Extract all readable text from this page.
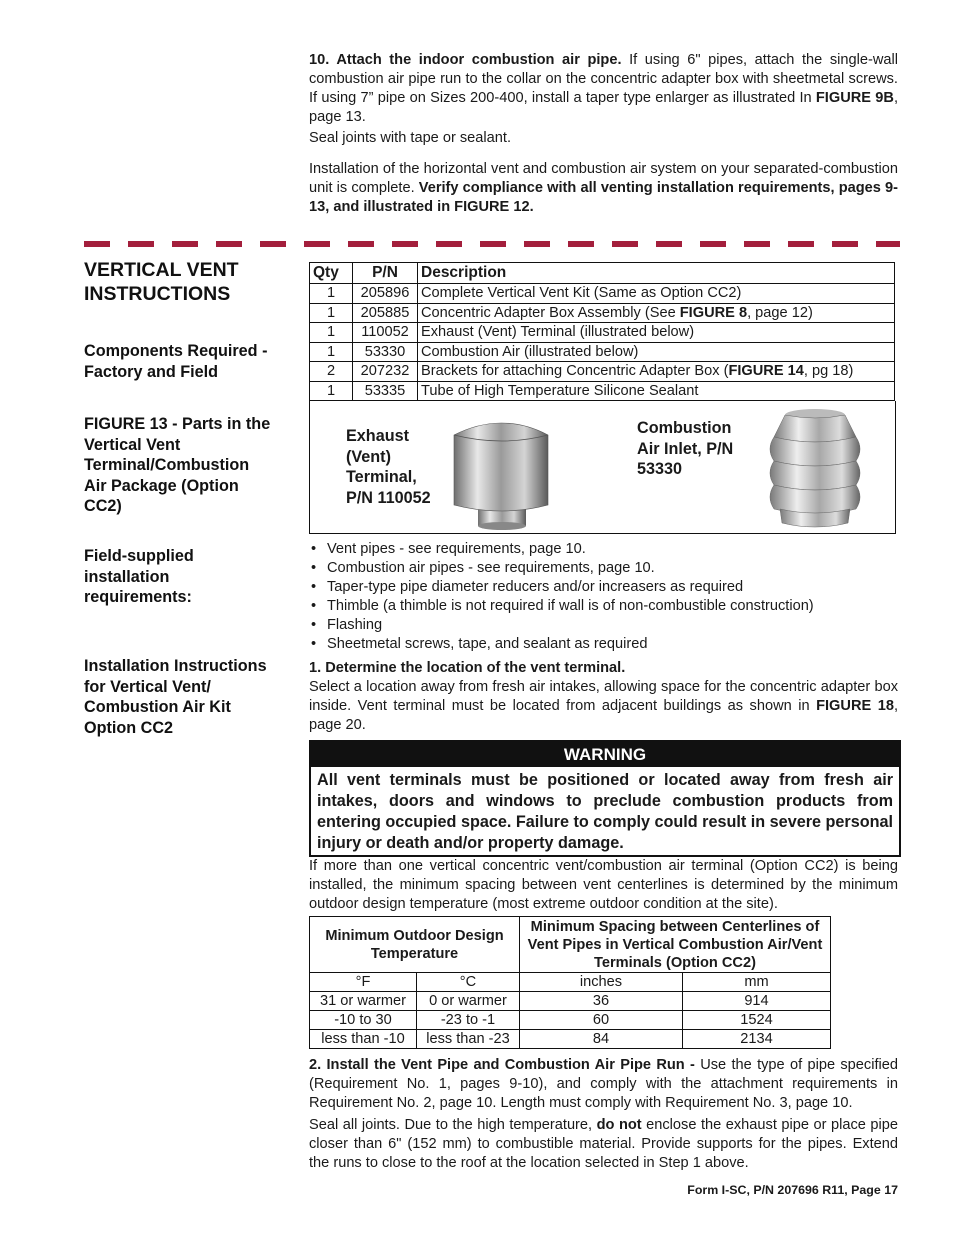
10. Attach the indoor combustion air pipe. If using 6" pipes, attach the single-wall combustion air pipe run to the collar on the concentric adapter box with sheetmetal screws. If using 7” pipe on Sizes 200-400, install a taper type enlarger as illustrated In FIGURE 9B, page 13.

Seal joints with tape or sealant.

Installation of the horizontal vent and combustion air system on your separated-combustion unit is complete. Verify compliance with all venting installation requirements, pages 9-13, and illustrated in FIGURE 12.

VERTICAL VENT INSTRUCTIONS
Components Required - Factory and Field
FIGURE 13 - Parts in the Vertical Vent Terminal/Combustion Air Package (Option CC2)
Field-supplied installation requirements:
Installation Instructions for Vertical Vent/ Combustion Air Kit Option CC2
Qty	P/N	Description
1	205896	Complete Vertical Vent Kit (Same as Option CC2)
1	205885	Concentric Adapter Box Assembly (See FIGURE 8, page 12)
1	110052	Exhaust (Vent) Terminal (illustrated below)
1	53330	Combustion Air (illustrated below)
2	207232	Brackets for attaching Concentric Adapter Box (FIGURE 14, pg 18)
1	53335	Tube of High Temperature Silicone Sealant
Exhaust (Vent) Terminal, P/N 110052
Combustion Air Inlet, P/N 53330
• Vent pipes - see requirements, page 10.
• Combustion air pipes - see requirements, page 10.
• Taper-type pipe diameter reducers and/or increasers as required
• Thimble (a thimble is not required if wall is of non-combustible construction)
• Flashing
• Sheetmetal screws, tape, and sealant as required
1. Determine the location of the vent terminal.

Select a location away from fresh air intakes, allowing space for the concentric adapter box inside. Vent terminal must be located from adjacent buildings as shown in FIGURE 18, page 20.

WARNING
All vent terminals must be positioned or located away from fresh air intakes, doors and windows to preclude combustion products from entering occupied space. Failure to comply could result in severe personal injury or death and/or property damage.
If more than one vertical concentric vent/combustion air terminal (Option CC2) is being installed, the minimum spacing between vent centerlines is determined by the minimum outdoor design temperature (most extreme outdoor condition at the site).
Minimum Outdoor Design Temperature		Minimum Spacing between Centerlines of Vent Pipes in Vertical Combustion Air/Vent Terminals (Option CC2)	
°F	°C	inches	mm
31 or warmer	0 or warmer	36	914
-10 to 30	-23 to -1	60	1524
less than -10	less than -23	84	2134

2. Install the Vent Pipe and Combustion Air Pipe Run - Use the type of pipe specified (Requirement No. 1, pages 9-10), and comply with the attachment requirements in Requirement No. 2, page 10. Length must comply with Requirement No. 3, page 10.

Seal all joints. Due to the high temperature, do not enclose the exhaust pipe or place pipe closer than 6" (152 mm) to combustible material. Provide supports for the pipes. Extend the runs to close to the roof at the location selected in Step 1 above.

Form I-SC, P/N 207696 R11, Page 17
